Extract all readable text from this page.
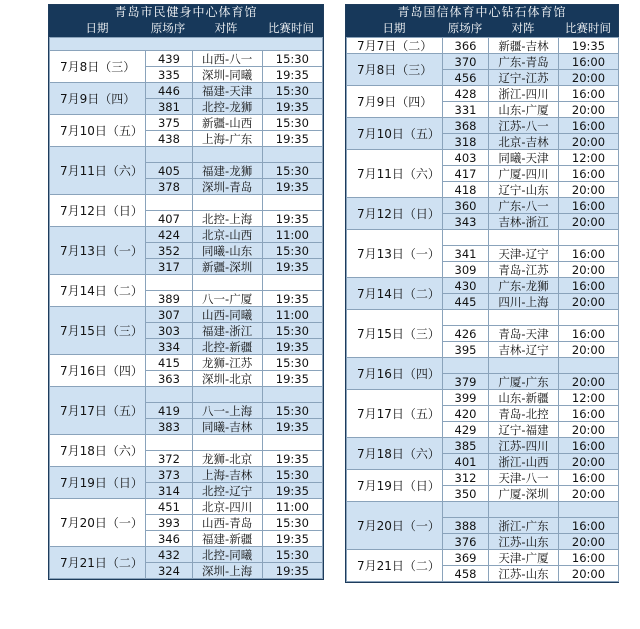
青岛市民健身中心体育馆
日期	原场序	对阵	比赛时间

7月8日（三）	439	山西-八一	15:30
	335	深圳-同曦	19:35
7月9日（四）	446	福建-天津	15:30
	381	北控-龙狮	19:35
7月10日（五）	375	新疆-山西	15:30
	438	上海-广东	19:35
7月11日（六）			
	405	福建-龙狮	15:30
	378	深圳-青岛	19:35
7月12日（日）			
	407	北控-上海	19:35
7月13日（一）	424	北京-山西	11:00
	352	同曦-山东	15:30
	317	新疆-深圳	19:35
7月14日（二）			
	389	八一-广厦	19:35
7月15日（三）	307	山西-同曦	11:00
	303	福建-浙江	15:30
	334	北控-新疆	19:35
7月16日（四）	415	龙狮-江苏	15:30
	363	深圳-北京	19:35
7月17日（五）			
	419	八一-上海	15:30
	383	同曦-吉林	19:35
7月18日（六）			
	372	龙狮-北京	19:35
7月19日（日）	373	上海-吉林	15:30
	314	北控-辽宁	19:35
7月20日（一）	451	北京-四川	11:00
	393	山西-青岛	15:30
	346	福建-新疆	19:35
7月21日（二）	432	北控-同曦	15:30
	324	深圳-上海	19:35
青岛国信体育中心钻石体育馆
日期	原场序	对阵	比赛时间
7月7日（二）	366	新疆-吉林	19:35
7月8日（三）	370	广东-青岛	16:00
	456	辽宁-江苏	20:00
7月9日（四）	428	浙江-四川	16:00
	331	山东-广厦	20:00
7月10日（五）	368	江苏-八一	16:00
	318	北京-吉林	20:00
7月11日（六）	403	同曦-天津	12:00
	417	广厦-四川	16:00
	418	辽宁-山东	20:00
7月12日（日）	360	广东-八一	16:00
	343	吉林-浙江	20:00
7月13日（一）			
	341	天津-辽宁	16:00
	309	青岛-江苏	20:00
7月14日（二）	430	广东-龙狮	16:00
	445	四川-上海	20:00
7月15日（三）			
	426	青岛-天津	16:00
	395	吉林-辽宁	20:00
7月16日（四）			
	379	广厦-广东	20:00
7月17日（五）	399	山东-新疆	12:00
	420	青岛-北控	16:00
	429	辽宁-福建	20:00
7月18日（六）	385	江苏-四川	16:00
	401	浙江-山西	20:00
7月19日（日）	312	天津-八一	16:00
	350	广厦-深圳	20:00
7月20日（一）			
	388	浙江-广东	16:00
	376	江苏-山东	20:00
7月21日（二）	369	天津-广厦	16:00
	458	江苏-山东	20:00
